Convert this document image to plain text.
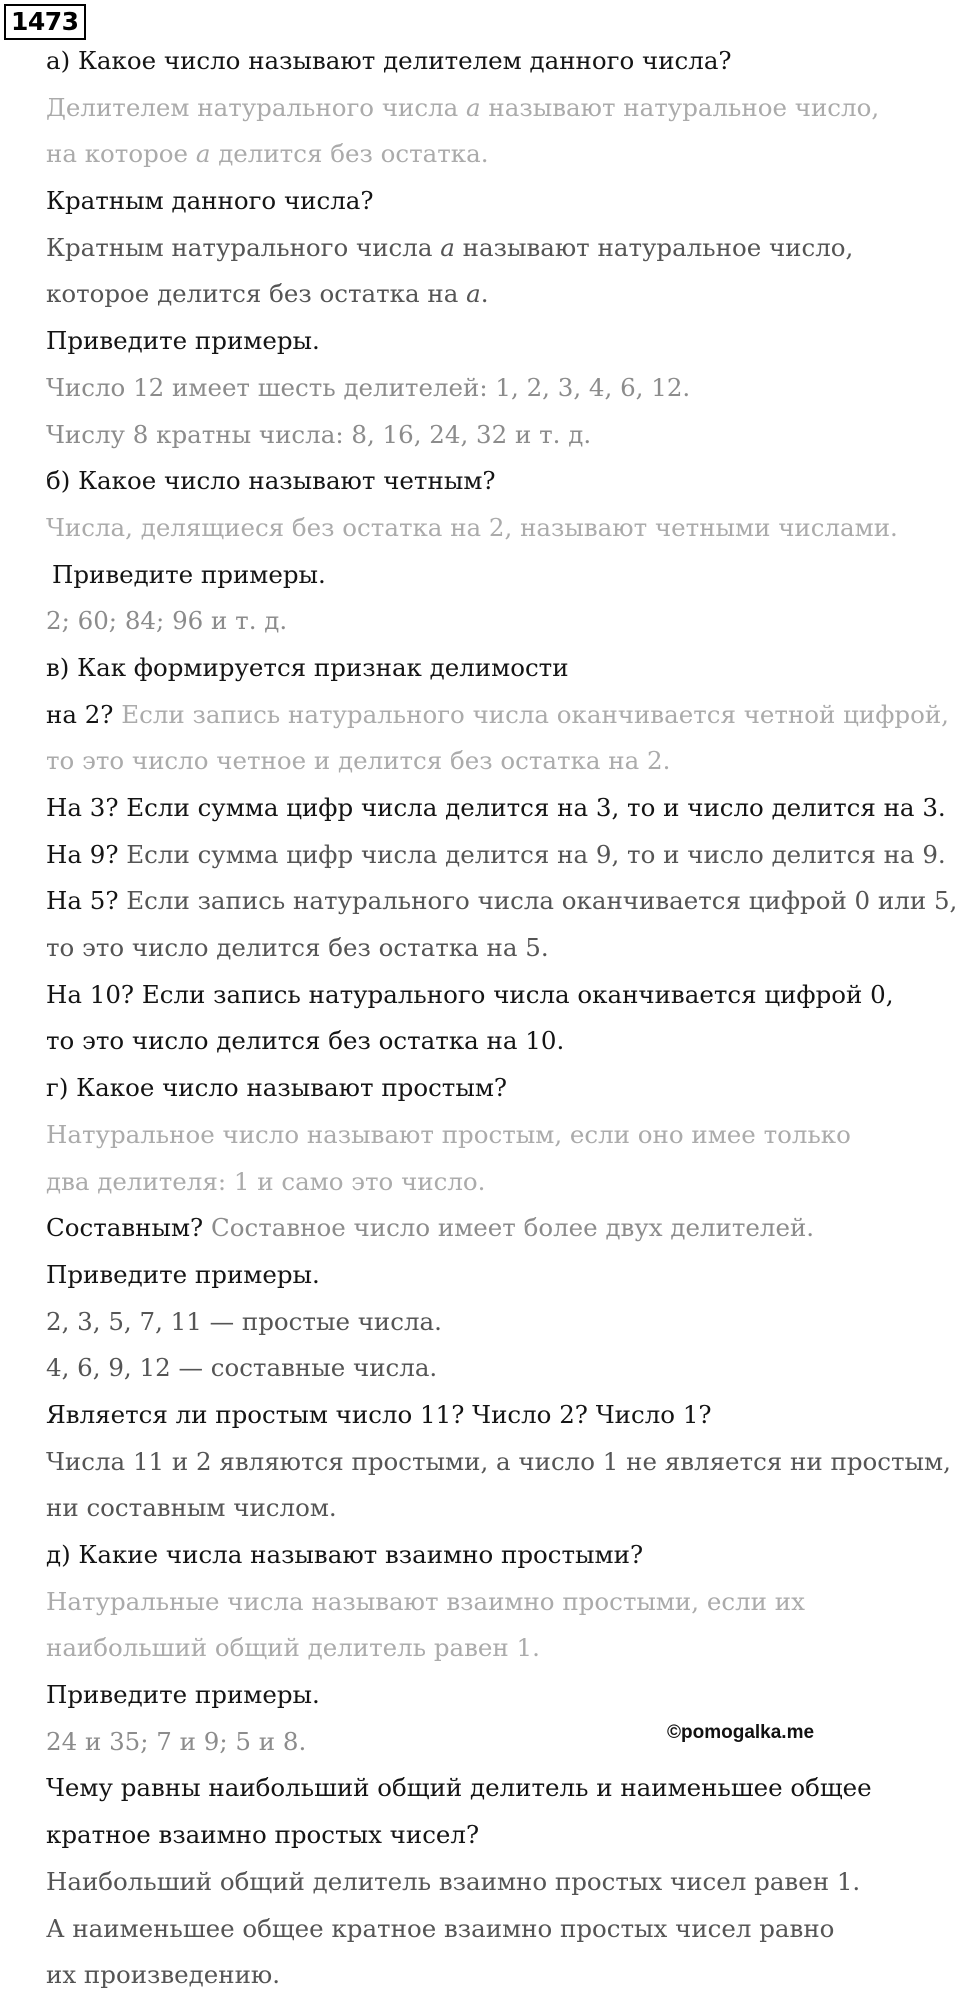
1473
а) Какое число называют делителем данного числа?
Делителем натурального числа a называют натуральное число,
на которое a делится без остатка.
Кратным данного числа?
Кратным натурального числа a называют натуральное число,
которое делится без остатка на a.
Приведите примеры.
Число 12 имеет шесть делителей: 1, 2, 3, 4, 6, 12.
Числу 8 кратны числа: 8, 16, 24, 32 и т. д.
б) Какое число называют четным?
Числа, делящиеся без остатка на 2, называют четными числами.
Приведите примеры.
2; 60; 84; 96 и т. д.
в) Как формируется признак делимости
на 2? Если запись натурального числа оканчивается четной цифрой,
то это число четное и делится без остатка на 2.
На 3? Если сумма цифр числа делится на 3, то и число делится на 3.
На 9? Если сумма цифр числа делится на 9, то и число делится на 9.
На 5? Если запись натурального числа оканчивается цифрой 0 или 5,
то это число делится без остатка на 5.
На 10? Если запись натурального числа оканчивается цифрой 0,
то это число делится без остатка на 10.
г) Какое число называют простым?
Натуральное число называют простым, если оно имее только
два делителя: 1 и само это число.
Составным? Составное число имеет более двух делителей.
Приведите примеры.
2, 3, 5, 7, 11 — простые числа.
4, 6, 9, 12 — составные числа.
Является ли простым число 11? Число 2? Число 1?
Числа 11 и 2 являются простыми, а число 1 не является ни простым,
ни составным числом.
д) Какие числа называют взаимно простыми?
Натуральные числа называют взаимно простыми, если их
наибольший общий делитель равен 1.
Приведите примеры.
24 и 35; 7 и 9; 5 и 8.
Чему равны наибольший общий делитель и наименьшее общее
кратное взаимно простых чисел?
Наибольший общий делитель взаимно простых чисел равен 1.
А наименьшее общее кратное взаимно простых чисел равно
их произведению.
©pomogalka.me
